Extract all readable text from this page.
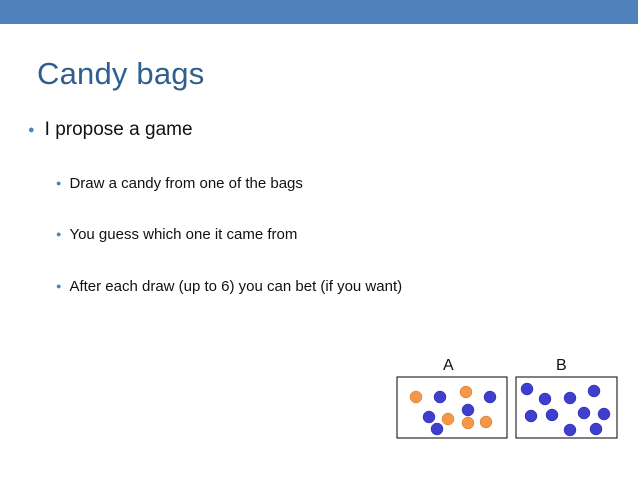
Candy bags
● I propose a game
● Draw a candy from one of the bags
● You guess which one it came from
● After each draw (up to 6) you can bet (if you want)
A	B
